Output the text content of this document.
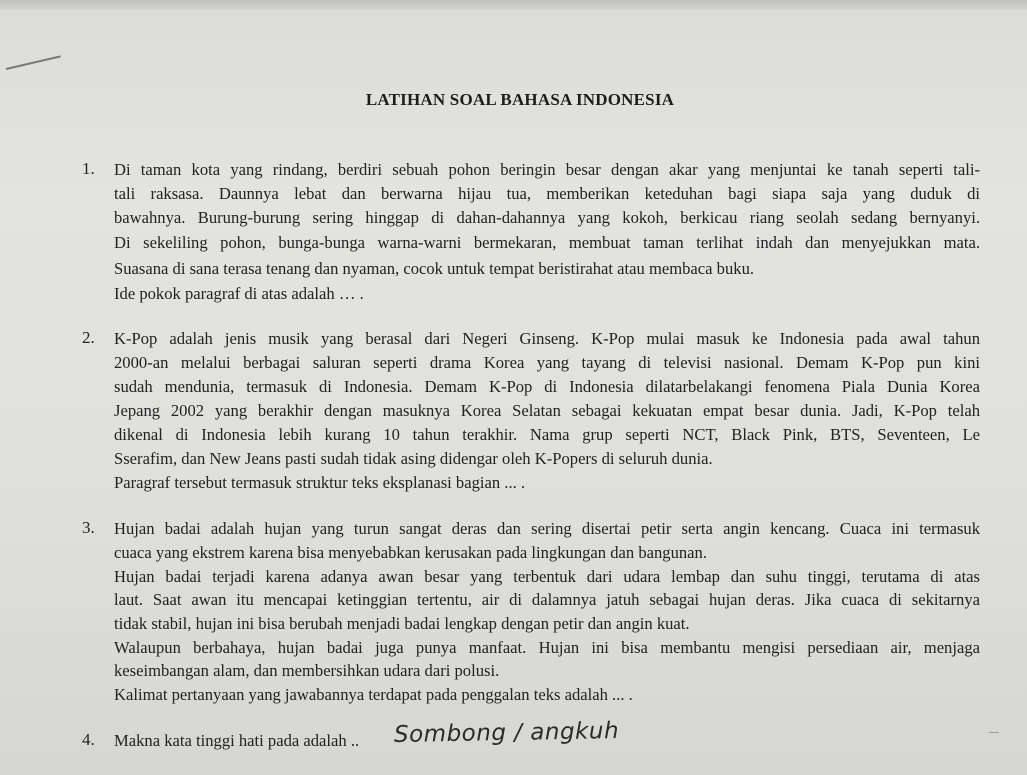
LATIHAN SOAL BAHASA INDONESIA
1. Di taman kota yang rindang, berdiri sebuah pohon beringin besar dengan akar yang menjuntai ke tanah seperti tali-
tali raksasa. Daunnya lebat dan berwarna hijau tua, memberikan keteduhan bagi siapa saja yang duduk di
bawahnya. Burung-burung sering hinggap di dahan-dahannya yang kokoh, berkicau riang seolah sedang bernyanyi.
Di sekeliling pohon, bunga-bunga warna-warni bermekaran, membuat taman terlihat indah dan menyejukkan mata.
Suasana di sana terasa tenang dan nyaman, cocok untuk tempat beristirahat atau membaca buku.
Ide pokok paragraf di atas adalah … .
2. K-Pop adalah jenis musik yang berasal dari Negeri Ginseng. K-Pop mulai masuk ke Indonesia pada awal tahun
2000-an melalui berbagai saluran seperti drama Korea yang tayang di televisi nasional. Demam K-Pop pun kini
sudah mendunia, termasuk di Indonesia. Demam K-Pop di Indonesia dilatarbelakangi fenomena Piala Dunia Korea
Jepang 2002 yang berakhir dengan masuknya Korea Selatan sebagai kekuatan empat besar dunia. Jadi, K-Pop telah
dikenal di Indonesia lebih kurang 10 tahun terakhir. Nama grup seperti NCT, Black Pink, BTS, Seventeen, Le
Sserafim, dan New Jeans pasti sudah tidak asing didengar oleh K-Popers di seluruh dunia.
Paragraf tersebut termasuk struktur teks eksplanasi bagian ... .
3. Hujan badai adalah hujan yang turun sangat deras dan sering disertai petir serta angin kencang. Cuaca ini termasuk
cuaca yang ekstrem karena bisa menyebabkan kerusakan pada lingkungan dan bangunan.
Hujan badai terjadi karena adanya awan besar yang terbentuk dari udara lembap dan suhu tinggi, terutama di atas
laut. Saat awan itu mencapai ketinggian tertentu, air di dalamnya jatuh sebagai hujan deras. Jika cuaca di sekitarnya
tidak stabil, hujan ini bisa berubah menjadi badai lengkap dengan petir dan angin kuat.
Walaupun berbahaya, hujan badai juga punya manfaat. Hujan ini bisa membantu mengisi persediaan air, menjaga
keseimbangan alam, dan membersihkan udara dari polusi.
Kalimat pertanyaan yang jawabannya terdapat pada penggalan teks adalah ... .
4. Makna kata tinggi hati pada adalah .. Sombong / angkuh
